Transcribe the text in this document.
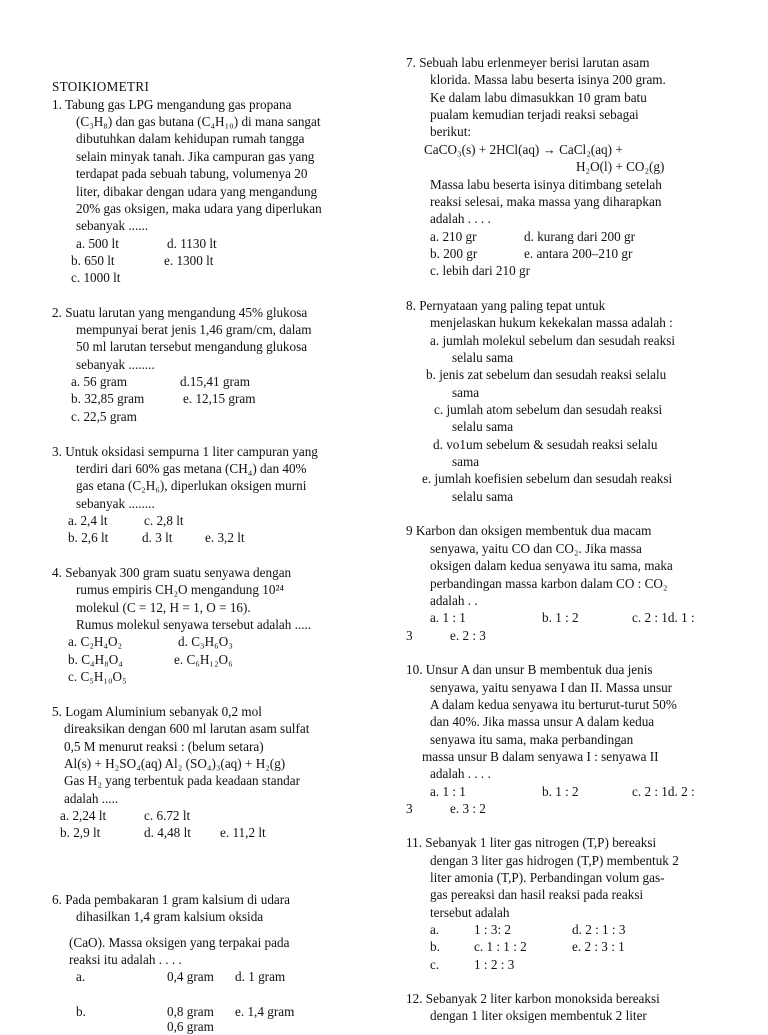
STOIKIOMETRI
1. Tabung gas LPG mengandung gas propana
(C₃H₈) dan gas butana (C₄H₁₀) di mana sangat
dibutuhkan dalam kehidupan rumah tangga
selain minyak tanah. Jika campuran gas yang
terdapat pada sebuah tabung, volumenya 20
liter, dibakar dengan udara yang mengandung
20% gas oksigen, maka udara yang diperlukan
sebanyak ......
a. 500 lt	d. 1130 lt
b. 650 lt	e. 1300 lt
c. 1000 lt
2. Suatu larutan yang mengandung 45% glukosa
mempunyai berat jenis 1,46 gram/cm, dalam
50 ml larutan tersebut mengandung glukosa
sebanyak ........
a. 56 gram	d.15,41 gram
b. 32,85 gram	e. 12,15 gram
c. 22,5 gram
3. Untuk oksidasi sempurna 1 liter campuran yang
terdiri dari 60% gas metana (CH₄) dan 40%
gas etana (C₂H₆), diperlukan oksigen murni
sebanyak ........
a. 2,4 lt	c. 2,8 lt
b. 2,6 lt	d. 3 lt e. 3,2 lt
4. Sebanyak 300 gram suatu senyawa dengan
rumus empiris CH₂O mengandung 10²⁴
molekul (C = 12, H = 1, O = 16).
Rumus molekul senyawa tersebut adalah .....
a. C₂H₄O₂	d. C₃H₆O₃
b. C₄H₈O₄	e. C₆H₁₂O₆
c. C₅H₁₀O₅
5. Logam Aluminium sebanyak 0,2 mol
direaksikan dengan 600 ml larutan asam sulfat
0,5 M menurut reaksi : (belum setara)
Al(s) + H₂SO₄(aq) Al₂ (SO₄)₃(aq) + H₂(g)
Gas H₂ yang terbentuk pada keadaan standar
adalah .....
a. 2,24 lt	c. 6.72 lt
b. 2,9 lt	d. 4,48 lt e. 11,2 lt
6. Pada pembakaran 1 gram kalsium di udara
dihasilkan 1,4 gram kalsium oksida
(CaO). Massa oksigen yang terpakai pada
reaksi itu adalah . . . .
a.	0,4 gram d. 1 gram
b.	0,8 gram e. 1,4 gram
0,6 gram
7. Sebuah labu erlenmeyer berisi larutan asam
klorida. Massa labu beserta isinya 200 gram.
Ke dalam labu dimasukkan 10 gram batu
pualam kemudian terjadi reaksi sebagai
berikut:
CaCO₃(s) + 2HCl(aq) → CaCl₂(aq) +
H₂O(l) + CO₂(g)
Massa labu beserta isinya ditimbang setelah
reaksi selesai, maka massa yang diharapkan
adalah . . . .
a. 210 gr	d. kurang dari 200 gr
b. 200 gr	e. antara 200–210 gr
c. lebih dari 210 gr
8. Pernyataan yang paling tepat untuk
menjelaskan hukum kekekalan massa adalah :
a. jumlah molekul sebelum dan sesudah reaksi
selalu sama
b. jenis zat sebelum dan sesudah reaksi selalu
sama
c. jumlah atom sebelum dan sesudah reaksi
selalu sama
d. vo1um sebelum & sesudah reaksi selalu
sama
e. jumlah koefisien sebelum dan sesudah reaksi
selalu sama
9 Karbon dan oksigen membentuk dua macam
senyawa, yaitu CO dan CO₂. Jika massa
oksigen dalam kedua senyawa itu sama, maka
perbandingan massa karbon dalam CO : CO₂
adalah . .
a. 1 : 1	b. 1 : 2	c. 2 : 1d. 1 :
3	e. 2 : 3
10. Unsur A dan unsur B membentuk dua jenis
senyawa, yaitu senyawa I dan II. Massa unsur
A dalam kedua senyawa itu berturut-turut 50%
dan 40%. Jika massa unsur A dalam kedua
senyawa itu sama, maka perbandingan
massa unsur B dalam senyawa I : senyawa II
adalah . . . .
a. 1 : 1	b. 1 : 2	c. 2 : 1d. 2 :
3	e. 3 : 2
11. Sebanyak 1 liter gas nitrogen (T,P) bereaksi
dengan 3 liter gas hidrogen (T,P) membentuk 2
liter amonia (T,P). Perbandingan volum gas-
gas pereaksi dan hasil reaksi pada reaksi
tersebut adalah
a.	1 : 3: 2	d. 2 : 1 : 3
b.	c. 1 : 1 : 2	e. 2 : 3 : 1
c.	1 : 2 : 3
12. Sebanyak 2 liter karbon monoksida bereaksi
dengan 1 liter oksigen membentuk 2 liter
